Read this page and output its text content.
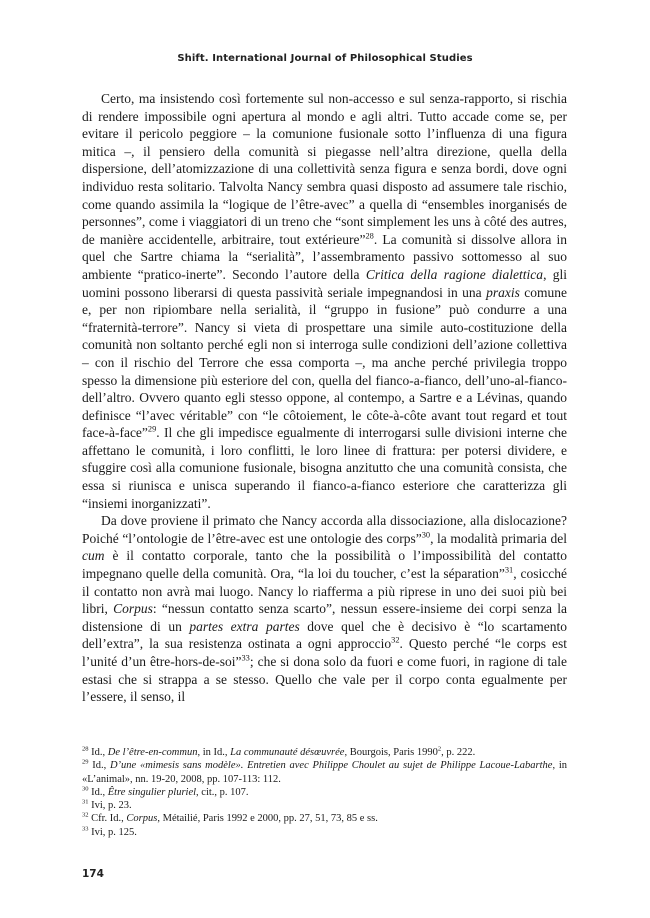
Shift. International Journal of Philosophical Studies

Certo, ma insistendo così fortemente sul non-accesso e sul senza-rapporto, si rischia di rendere impossibile ogni apertura al mondo e agli altri. Tutto accade come se, per evitare il pericolo peggiore – la comunione fusionale sotto l’influenza di una figura mitica –, il pensiero della comunità si piegasse nell’altra direzione, quella della dispersione, dell’atomizzazione di una collettività senza figura e senza bordi, dove ogni individuo resta solitario. Talvolta Nancy sembra quasi disposto ad assumere tale rischio, come quando assimila la “logique de l’être-avec” a quella di “ensembles inorganisés de personnes”, come i viaggiatori di un treno che “sont simplement les uns à côté des autres, de manière accidentelle, arbitraire, tout extérieure”$^{28}$. La comunità si dissolve allora in quel che Sartre chiama la “serialità”, l’assembramento passivo sottomesso al suo ambiente “pratico-inerte”. Secondo l’autore della Critica della ragione dialettica, gli uomini possono liberarsi di questa passività seriale impegnandosi in una praxis comune e, per non ripiombare nella serialità, il “gruppo in fusione” può condurre a una “fraternità-terrore”. Nancy si vieta di prospettare una simile auto-costituzione della comunità non soltanto perché egli non si interroga sulle condizioni dell’azione collettiva – con il rischio del Terrore che essa comporta –, ma anche perché privilegia troppo spesso la dimensione più esteriore del con, quella del fianco-a-fianco, dell’uno-al-fianco-dell’altro. Ovvero quanto egli stesso oppone, al contempo, a Sartre e a Lévinas, quando definisce “l’avec véritable” con “le côtoiement, le côte-à-côte avant tout regard et tout face-à-face”$^{29}$. Il che gli impedisce egualmente di interrogarsi sulle divisioni interne che affettano le comunità, i loro conflitti, le loro linee di frattura: per potersi dividere, e sfuggire così alla comunione fusionale, bisogna anzitutto che una comunità consista, che essa si riunisca e unisca superando il fianco-a-fianco esteriore che caratterizza gli “insiemi inorganizzati”.

Da dove proviene il primato che Nancy accorda alla dissociazione, alla dislocazione? Poiché “l’ontologie de l’être-avec est une ontologie des corps”$^{30}$, la modalità primaria del cum è il contatto corporale, tanto che la possibilità o l’impossibilità del contatto impegnano quelle della comunità. Ora, “la loi du toucher, c’est la séparation”$^{31}$, cosicché il contatto non avrà mai luogo. Nancy lo riafferma a più riprese in uno dei suoi più bei libri, Corpus: “nessun contatto senza scarto”, nessun essere-insieme dei corpi senza la distensione di un partes extra partes dove quel che è decisivo è “lo scartamento dell’extra”, la sua resistenza ostinata a ogni approccio$^{32}$. Questo perché “le corps est l’unité d’un être-hors-de-soi”$^{33}$; che si dona solo da fuori e come fuori, in ragione di tale estasi che si strappa a se stesso. Quello che vale per il corpo conta egualmente per l’essere, il senso, il

$^{28}$ Id., De l’être-en-commun, in Id., La communauté désœuvrée, Bourgois, Paris 1990$^2$, p. 222.

$^{29}$ Id., D’une «mimesis sans modèle». Entretien avec Philippe Choulet au sujet de Philippe Lacoue-Labarthe, in «L’animal», nn. 19-20, 2008, pp. 107-113: 112.

$^{30}$ Id., Être singulier pluriel, cit., p. 107.

$^{31}$ Ivi, p. 23.

$^{32}$ Cfr. Id., Corpus, Métailié, Paris 1992 e 2000, pp. 27, 51, 73, 85 e ss.

$^{33}$ Ivi, p. 125.

174
